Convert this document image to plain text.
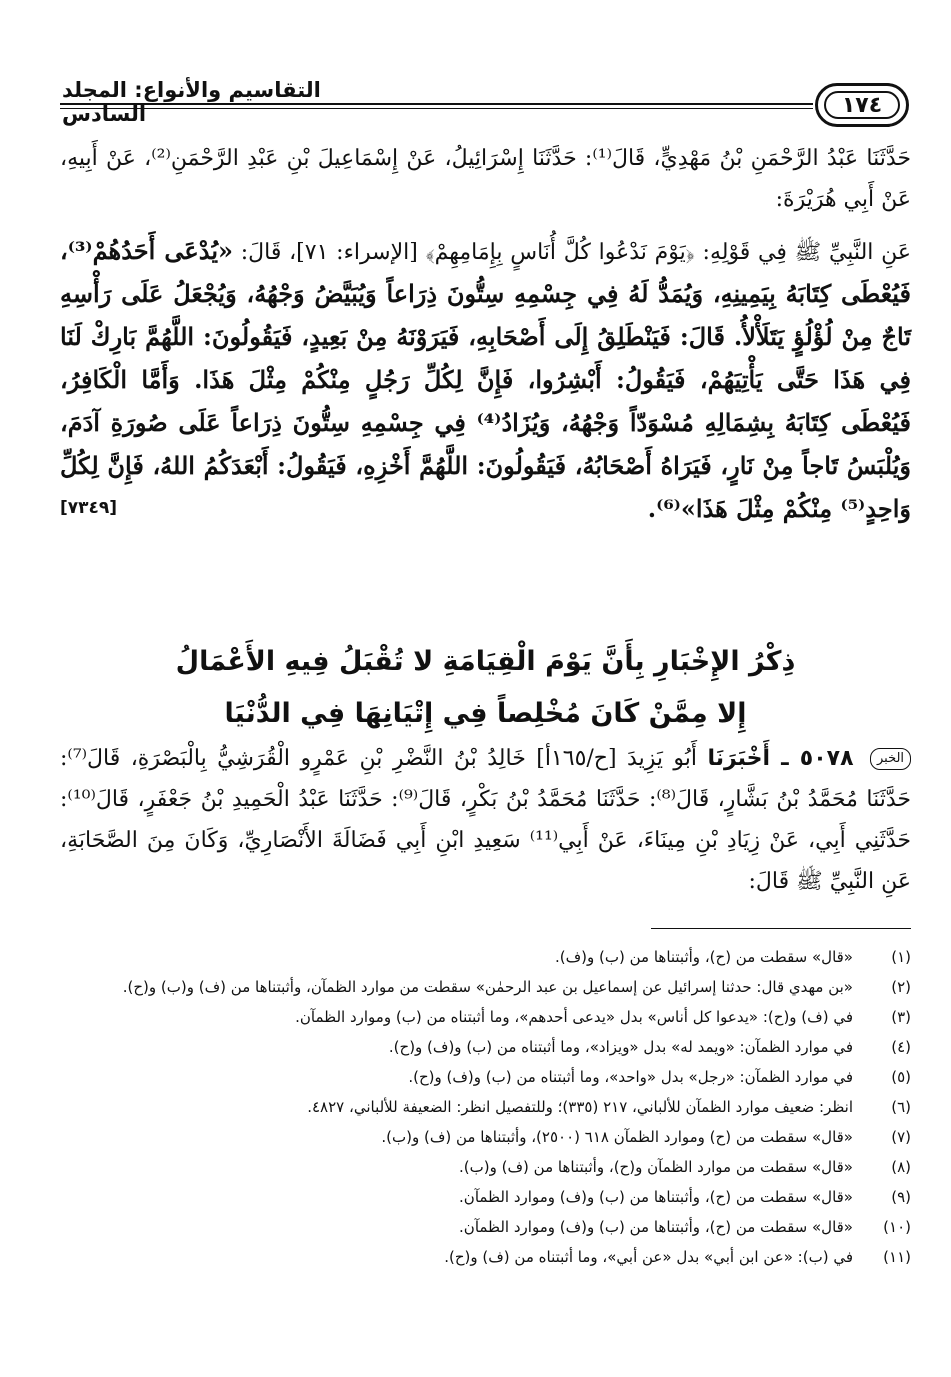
١٧٤
التقاسيم والأنواع: المجلد السادس

حَدَّثَنَا عَبْدُ الرَّحْمَنِ بْنُ مَهْدِيٍّ، قَالَ⁽¹⁾: حَدَّثَنَا إِسْرَائِيلُ، عَنْ إِسْمَاعِيلَ بْنِ عَبْدِ الرَّحْمَنِ⁽²⁾، عَنْ أَبِيهِ، عَنْ أَبِي هُرَيْرَةَ:

عَنِ النَّبِيِّ ﷺ فِي قَوْلِهِ: ﴿يَوْمَ نَدْعُوا كُلَّ أُنَاسٍ بِإِمَامِهِمْ﴾ [الإسراء: ٧١]، قَالَ: «يُدْعَى أَحَدُهُمْ⁽³⁾، فَيُعْطَى كِتَابَهُ بِيَمِينِهِ، وَيُمَدُّ لَهُ فِي جِسْمِهِ سِتُّونَ ذِرَاعاً وَيُبَيَّضُ وَجْهُهُ، وَيُجْعَلُ عَلَى رَأْسِهِ تَاجٌ مِنْ لُؤْلُؤٍ يَتَلَأْلأُ. قَالَ: فَيَنْطَلِقُ إِلَى أَصْحَابِهِ، فَيَرَوْنَهُ مِنْ بَعِيدٍ، فَيَقُولُونَ: اللَّهُمَّ بَارِكْ لَنَا فِي هَذَا حَتَّى يَأْتِيَهُمْ، فَيَقُولُ: أَبْشِرُوا، فَإِنَّ لِكُلِّ رَجُلٍ مِنْكُمْ مِثْلَ هَذَا. وَأَمَّا الْكَافِرُ، فَيُعْطَى كِتَابَهُ بِشِمَالِهِ مُسْوَدّاً وَجْهُهُ، وَيُزَادُ⁽⁴⁾ فِي جِسْمِهِ سِتُّونَ ذِرَاعاً عَلَى صُورَةِ آدَمَ، وَيُلْبَسُ تَاجاً مِنْ نَارٍ، فَيَرَاهُ أَصْحَابُهُ، فَيَقُولُونَ: اللَّهُمَّ أَخْزِهِ، فَيَقُولُ: أَبْعَدَكُمُ اللهُ، فَإِنَّ لِكُلِّ وَاحِدٍ⁽⁵⁾ مِنْكُمْ مِثْلَ هَذَا»⁽⁶⁾.
[٧٣٤٩]

ذِكْرُ الإِخْبَارِ بِأَنَّ يَوْمَ الْقِيَامَةِ لا تُقْبَلُ فِيهِ الأَعْمَالُ
إِلا مِمَّنْ كَانَ مُخْلِصاً فِي إِتْيَانِهَا فِي الدُّنْيَا

الخبر ٥٠٧٨ ـ أَخْبَرَنَا أَبُو يَزِيدَ [ح/١٦٥أ] خَالِدُ بْنُ النَّضْرِ بْنِ عَمْرٍو الْقُرَشِيُّ بِالْبَصْرَةِ، قَالَ⁽⁷⁾: حَدَّثَنَا مُحَمَّدُ بْنُ بَشَّارٍ، قَالَ⁽⁸⁾: حَدَّثَنَا مُحَمَّدُ بْنُ بَكْرٍ، قَالَ⁽⁹⁾: حَدَّثَنَا عَبْدُ الْحَمِيدِ بْنُ جَعْفَرٍ، قَالَ⁽¹⁰⁾: حَدَّثَنِي أَبِي، عَنْ زِيَادِ بْنِ مِينَاءَ، عَنْ أَبِي⁽¹¹⁾ سَعِيدِ ابْنِ أَبِي فَضَالَةَ الأَنْصَارِيِّ، وَكَانَ مِنَ الصَّحَابَةِ، عَنِ النَّبِيِّ ﷺ قَالَ:

(١)
«قال» سقطت من (ح)، وأثبتناها من (ب) و(ف).
(٢)
«بن مهدي قال: حدثنا إسرائيل عن إسماعيل بن عبد الرحمٰن» سقطت من موارد الظمآن، وأثبتناها من (ف) و(ب) و(ح).
(٣)
في (ف) و(ح): «يدعوا كل أناس» بدل «يدعى أحدهم»، وما أثبتناه من (ب) وموارد الظمآن.
(٤)
في موارد الظمآن: «ويمد له» بدل «ويزاد»، وما أثبتناه من (ب) و(ف) و(ح).
(٥)
في موارد الظمآن: «رجل» بدل «واحد»، وما أثبتناه من (ب) و(ف) و(ح).
(٦)
انظر: ضعيف موارد الظمآن للألباني، ٢١٧ (٣٣٥)؛ وللتفصيل انظر: الضعيفة للألباني، ٤٨٢٧.
(٧)
«قال» سقطت من (ح) وموارد الظمآن ٦١٨ (٢٥٠٠)، وأثبتناها من (ف) و(ب).
(٨)
«قال» سقطت من موارد الظمآن و(ح)، وأثبتناها من (ف) و(ب).
(٩)
«قال» سقطت من (ح)، وأثبتناها من (ب) و(ف) وموارد الظمآن.
(١٠)
«قال» سقطت من (ح)، وأثبتناها من (ب) و(ف) وموارد الظمآن.
(١١)
في (ب): «عن ابن أبي» بدل «عن أبي»، وما أثبتناه من (ف) و(ح).
